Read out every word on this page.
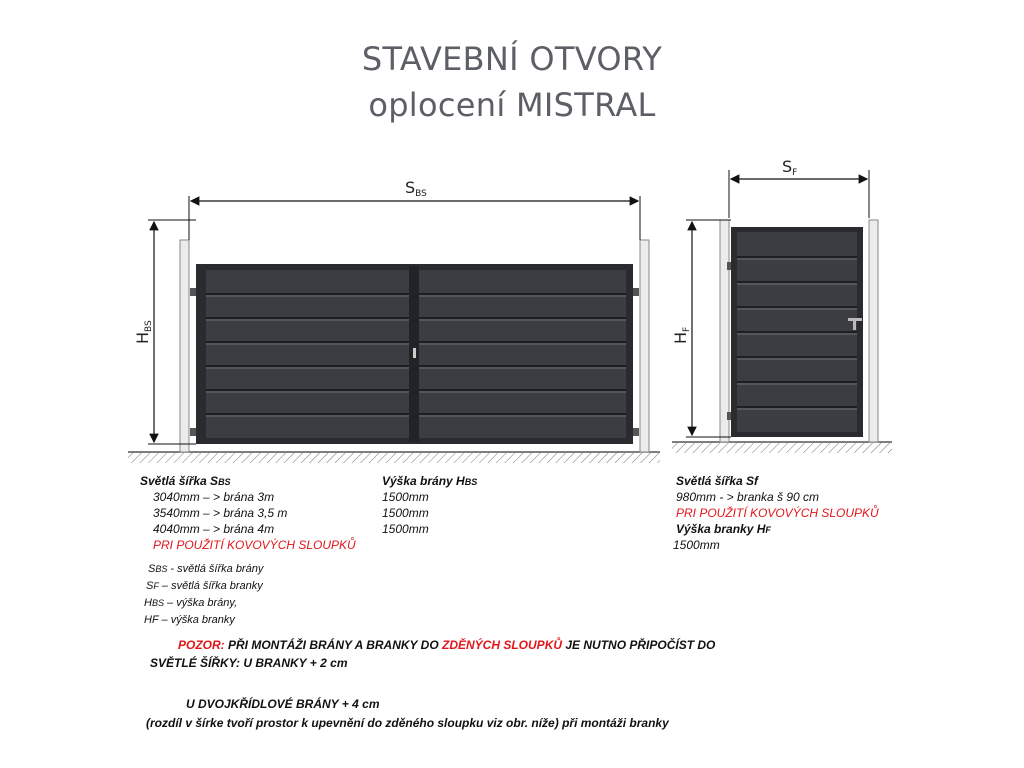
STAVEBNÍ OTVORY
oplocení MISTRAL
SBS
HBS
SF
HF
Světlá šířka SBS
3040mm – > brána 3m
3540mm – > brána 3,5 m
4040mm – > brána 4m
PRI POUŽITÍ KOVOVÝCH SLOUPKŮ
Výška brány HBS
1500mm
1500mm
1500mm
Světlá šířka Sf
980mm - > branka š 90 cm
PRI POUŽITÍ KOVOVÝCH SLOUPKŮ
Výška branky HF
1500mm
SBS - světlá šířka brány
SF – světlá šířka branky
HBS – výška brány,
HF – výška branky
POZOR: PŘI MONTÁŽI BRÁNY A BRANKY DO ZDĚNÝCH SLOUPKŮ JE NUTNO PŘIPOČÍST DO
SVĚTLÉ ŠÍŘKY: U BRANKY + 2 cm
U DVOJKŘÍDLOVÉ BRÁNY + 4 cm
(rozdíl v šírke tvoří prostor k upevnění do zděného sloupku viz obr. níže) při montáži branky
